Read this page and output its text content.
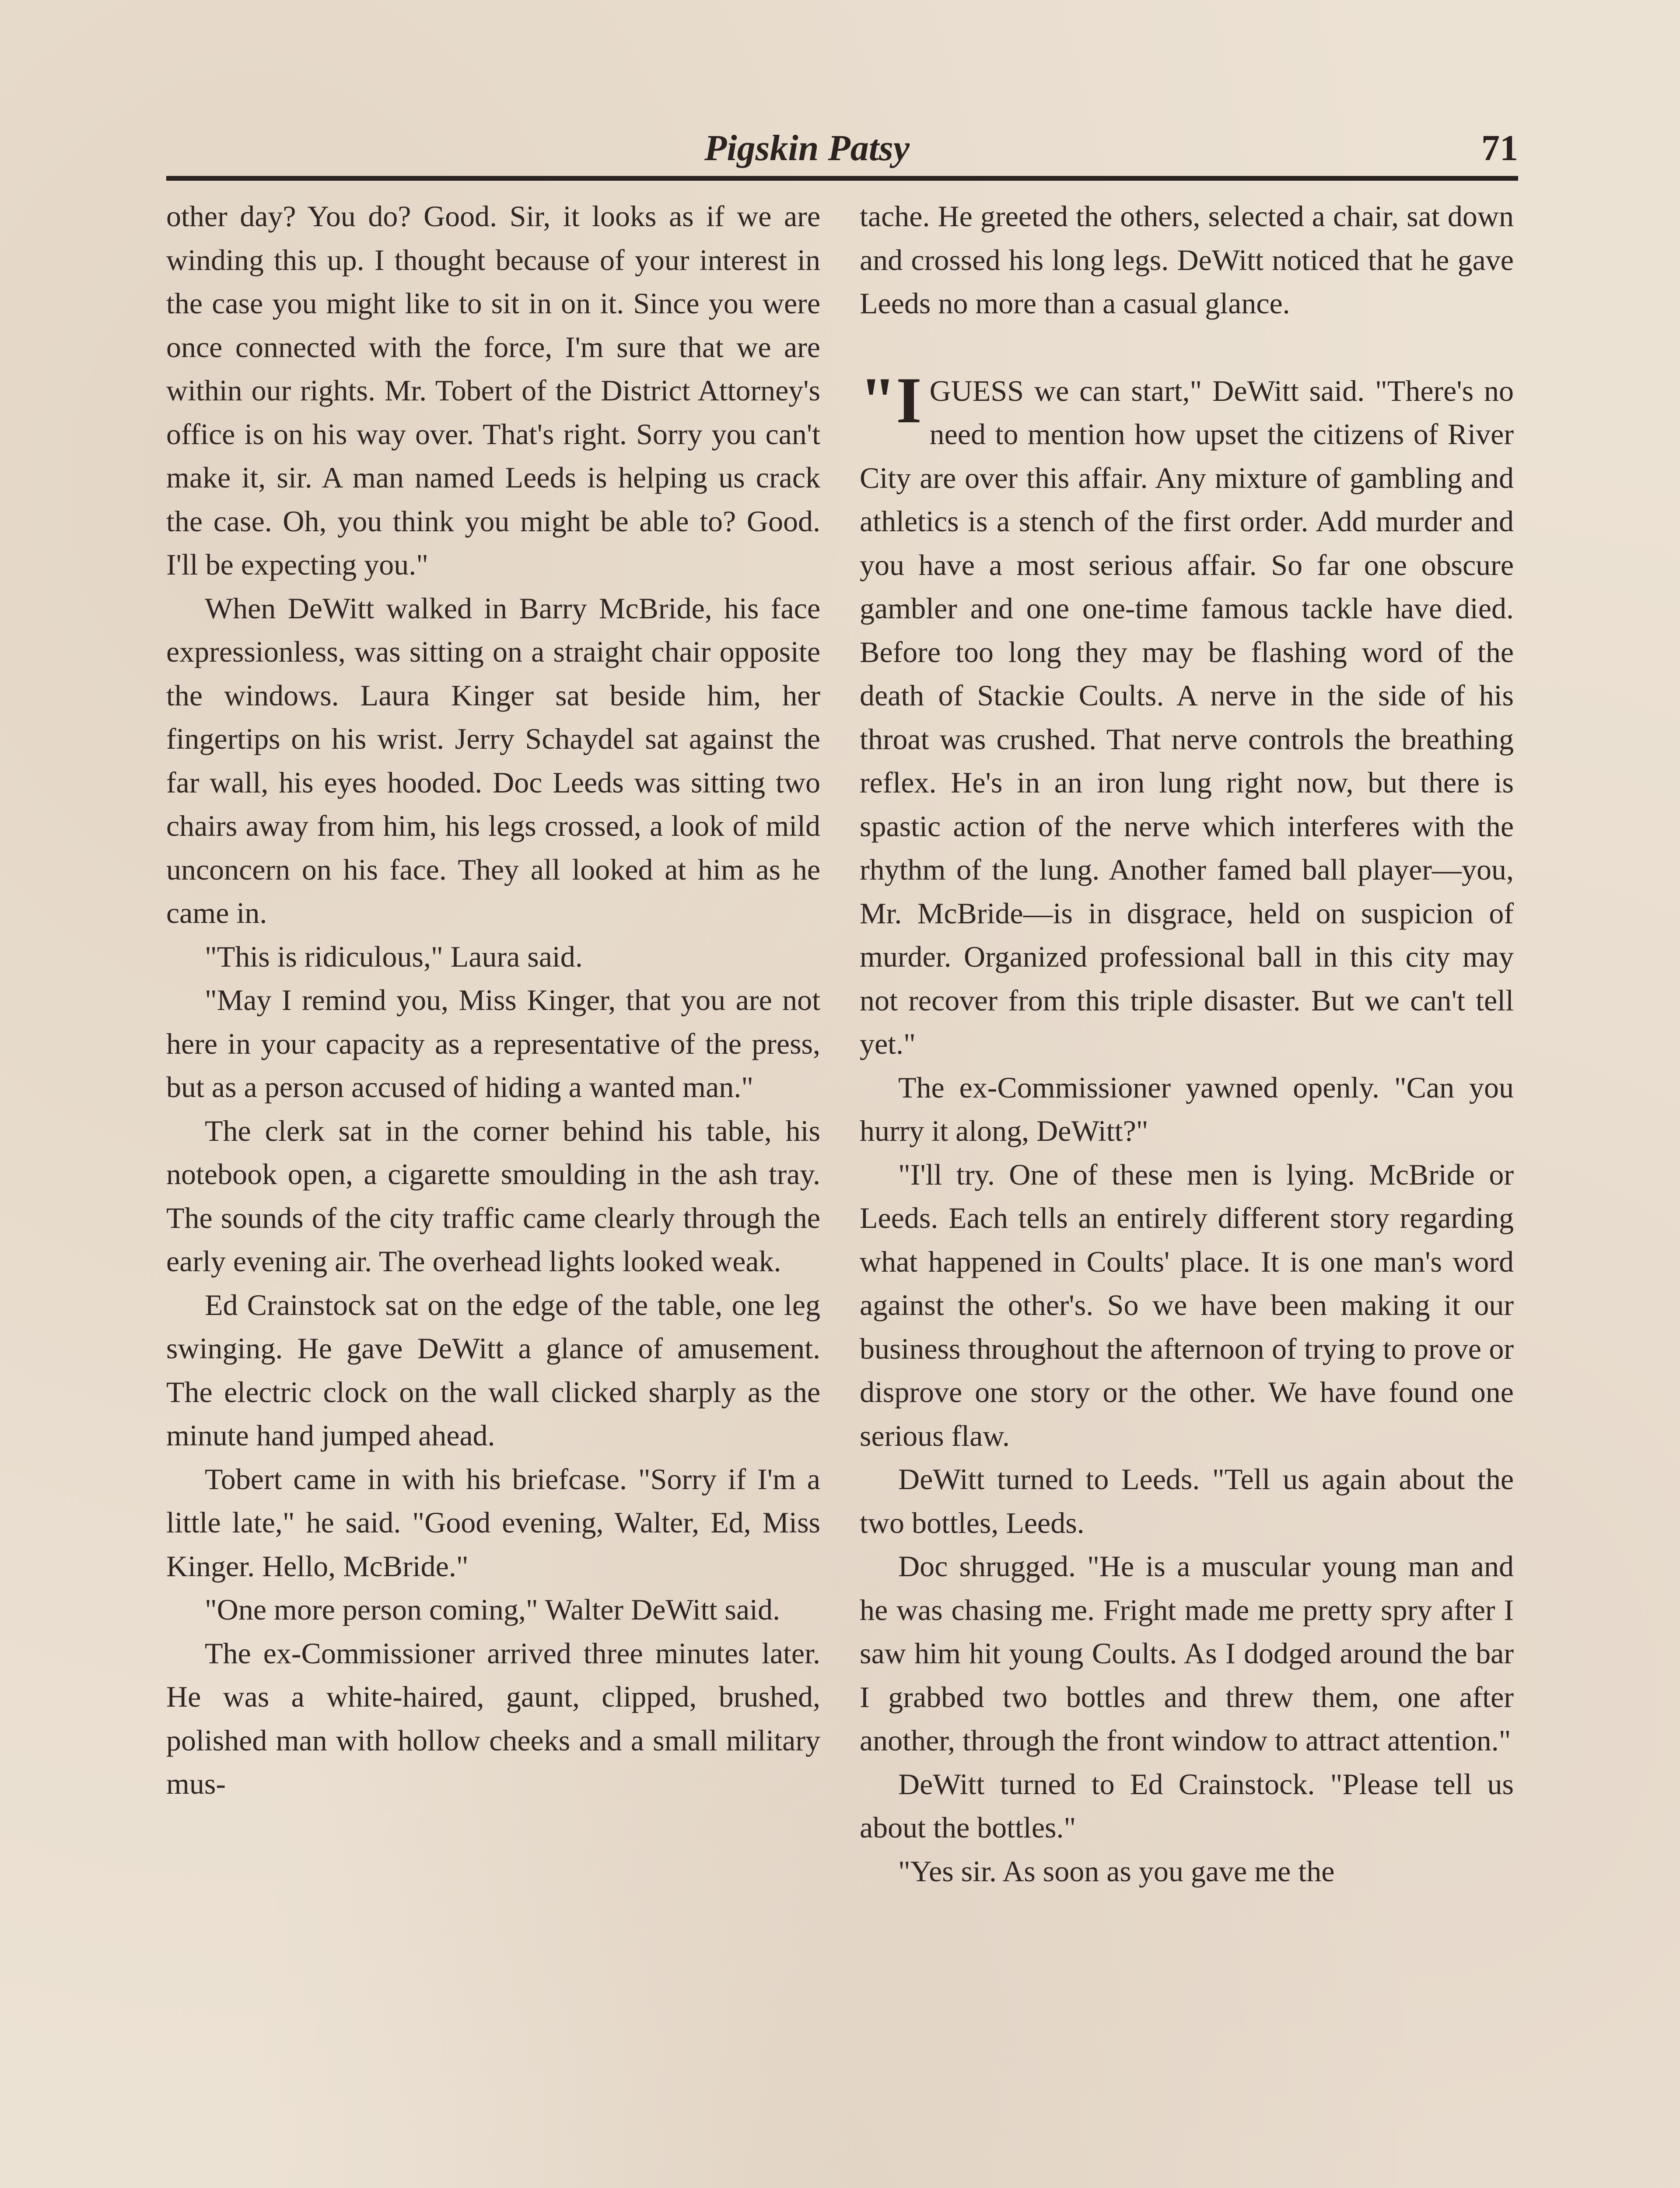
Pigskin Patsy	71

other day? You do? Good. Sir, it looks as if we are winding this up. I thought because of your interest in the case you might like to sit in on it. Since you were once connected with the force, I'm sure that we are within our rights. Mr. Tobert of the District Attorney's office is on his way over. That's right. Sorry you can't make it, sir. A man named Leeds is helping us crack the case. Oh, you think you might be able to? Good. I'll be expecting you."

When DeWitt walked in Barry McBride, his face expressionless, was sitting on a straight chair opposite the windows. Laura Kinger sat beside him, her fingertips on his wrist. Jerry Schaydel sat against the far wall, his eyes hooded. Doc Leeds was sitting two chairs away from him, his legs crossed, a look of mild unconcern on his face. They all looked at him as he came in.

"This is ridiculous," Laura said.

"May I remind you, Miss Kinger, that you are not here in your capacity as a representative of the press, but as a person accused of hiding a wanted man."

The clerk sat in the corner behind his table, his notebook open, a cigarette smoulding in the ash tray. The sounds of the city traffic came clearly through the early evening air. The overhead lights looked weak.

Ed Crainstock sat on the edge of the table, one leg swinging. He gave DeWitt a glance of amusement. The electric clock on the wall clicked sharply as the minute hand jumped ahead.

Tobert came in with his briefcase. "Sorry if I'm a little late," he said. "Good evening, Walter, Ed, Miss Kinger. Hello, McBride."

"One more person coming," Walter DeWitt said.

The ex-Commissioner arrived three minutes later. He was a white-haired, gaunt, clipped, brushed, polished man with hollow cheeks and a small military mus-

tache. He greeted the others, selected a chair, sat down and crossed his long legs. DeWitt noticed that he gave Leeds no more than a casual glance.

"I GUESS we can start," DeWitt said. "There's no need to mention how upset the citizens of River City are over this affair. Any mixture of gambling and athletics is a stench of the first order. Add murder and you have a most serious affair. So far one obscure gambler and one one-time famous tackle have died. Before too long they may be flashing word of the death of Stackie Coults. A nerve in the side of his throat was crushed. That nerve controls the breathing reflex. He's in an iron lung right now, but there is spastic action of the nerve which interferes with the rhythm of the lung. Another famed ball player—you, Mr. McBride—is in disgrace, held on suspicion of murder. Organized professional ball in this city may not recover from this triple disaster. But we can't tell yet."

The ex-Commissioner yawned openly. "Can you hurry it along, DeWitt?"

"I'll try. One of these men is lying. McBride or Leeds. Each tells an entirely different story regarding what happened in Coults' place. It is one man's word against the other's. So we have been making it our business throughout the afternoon of trying to prove or disprove one story or the other. We have found one serious flaw.

DeWitt turned to Leeds. "Tell us again about the two bottles, Leeds.

Doc shrugged. "He is a muscular young man and he was chasing me. Fright made me pretty spry after I saw him hit young Coults. As I dodged around the bar I grabbed two bottles and threw them, one after another, through the front window to attract attention."

DeWitt turned to Ed Crainstock. "Please tell us about the bottles."

"Yes sir. As soon as you gave me the
